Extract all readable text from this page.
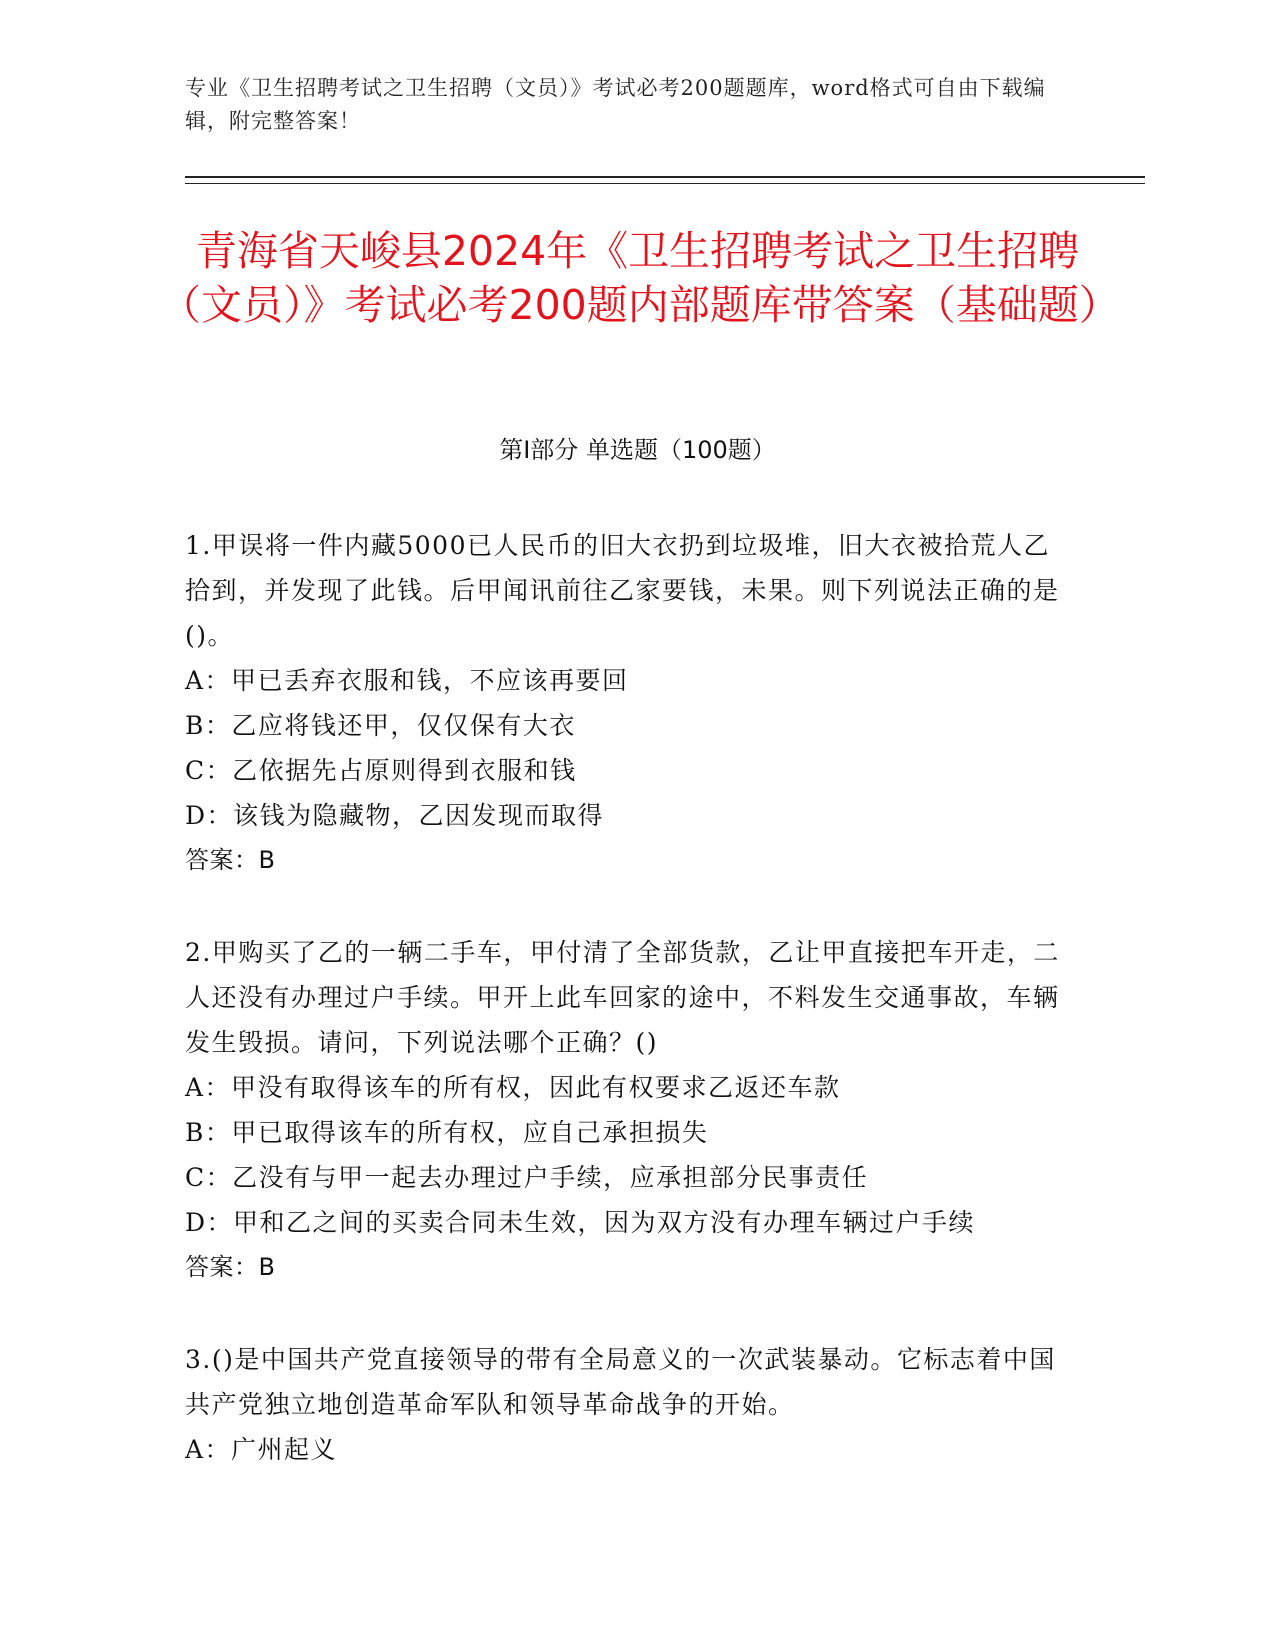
专业《卫生招聘考试之卫生招聘（文员）》考试必考200题题库，word格式可自由下载编辑，附完整答案！
青海省天峻县2024年《卫生招聘考试之卫生招聘（文员）》考试必考200题内部题库带答案（基础题）
第Ⅰ部分 单选题（100题）

1.甲误将一件内藏5000已人民币的旧大衣扔到垃圾堆，旧大衣被拾荒人乙拾到，并发现了此钱。后甲闻讯前往乙家要钱，未果。则下列说法正确的是()。

A：甲已丢弃衣服和钱，不应该再要回

B：乙应将钱还甲，仅仅保有大衣

C：乙依据先占原则得到衣服和钱

D：该钱为隐藏物，乙因发现而取得

答案：B

2.甲购买了乙的一辆二手车，甲付清了全部货款，乙让甲直接把车开走，二人还没有办理过户手续。甲开上此车回家的途中，不料发生交通事故，车辆发生毁损。请问，下列说法哪个正确？()

A：甲没有取得该车的所有权，因此有权要求乙返还车款

B：甲已取得该车的所有权，应自己承担损失

C：乙没有与甲一起去办理过户手续，应承担部分民事责任

D：甲和乙之间的买卖合同未生效，因为双方没有办理车辆过户手续

答案：B

3.()是中国共产党直接领导的带有全局意义的一次武装暴动。它标志着中国共产党独立地创造革命军队和领导革命战争的开始。

A：广州起义
